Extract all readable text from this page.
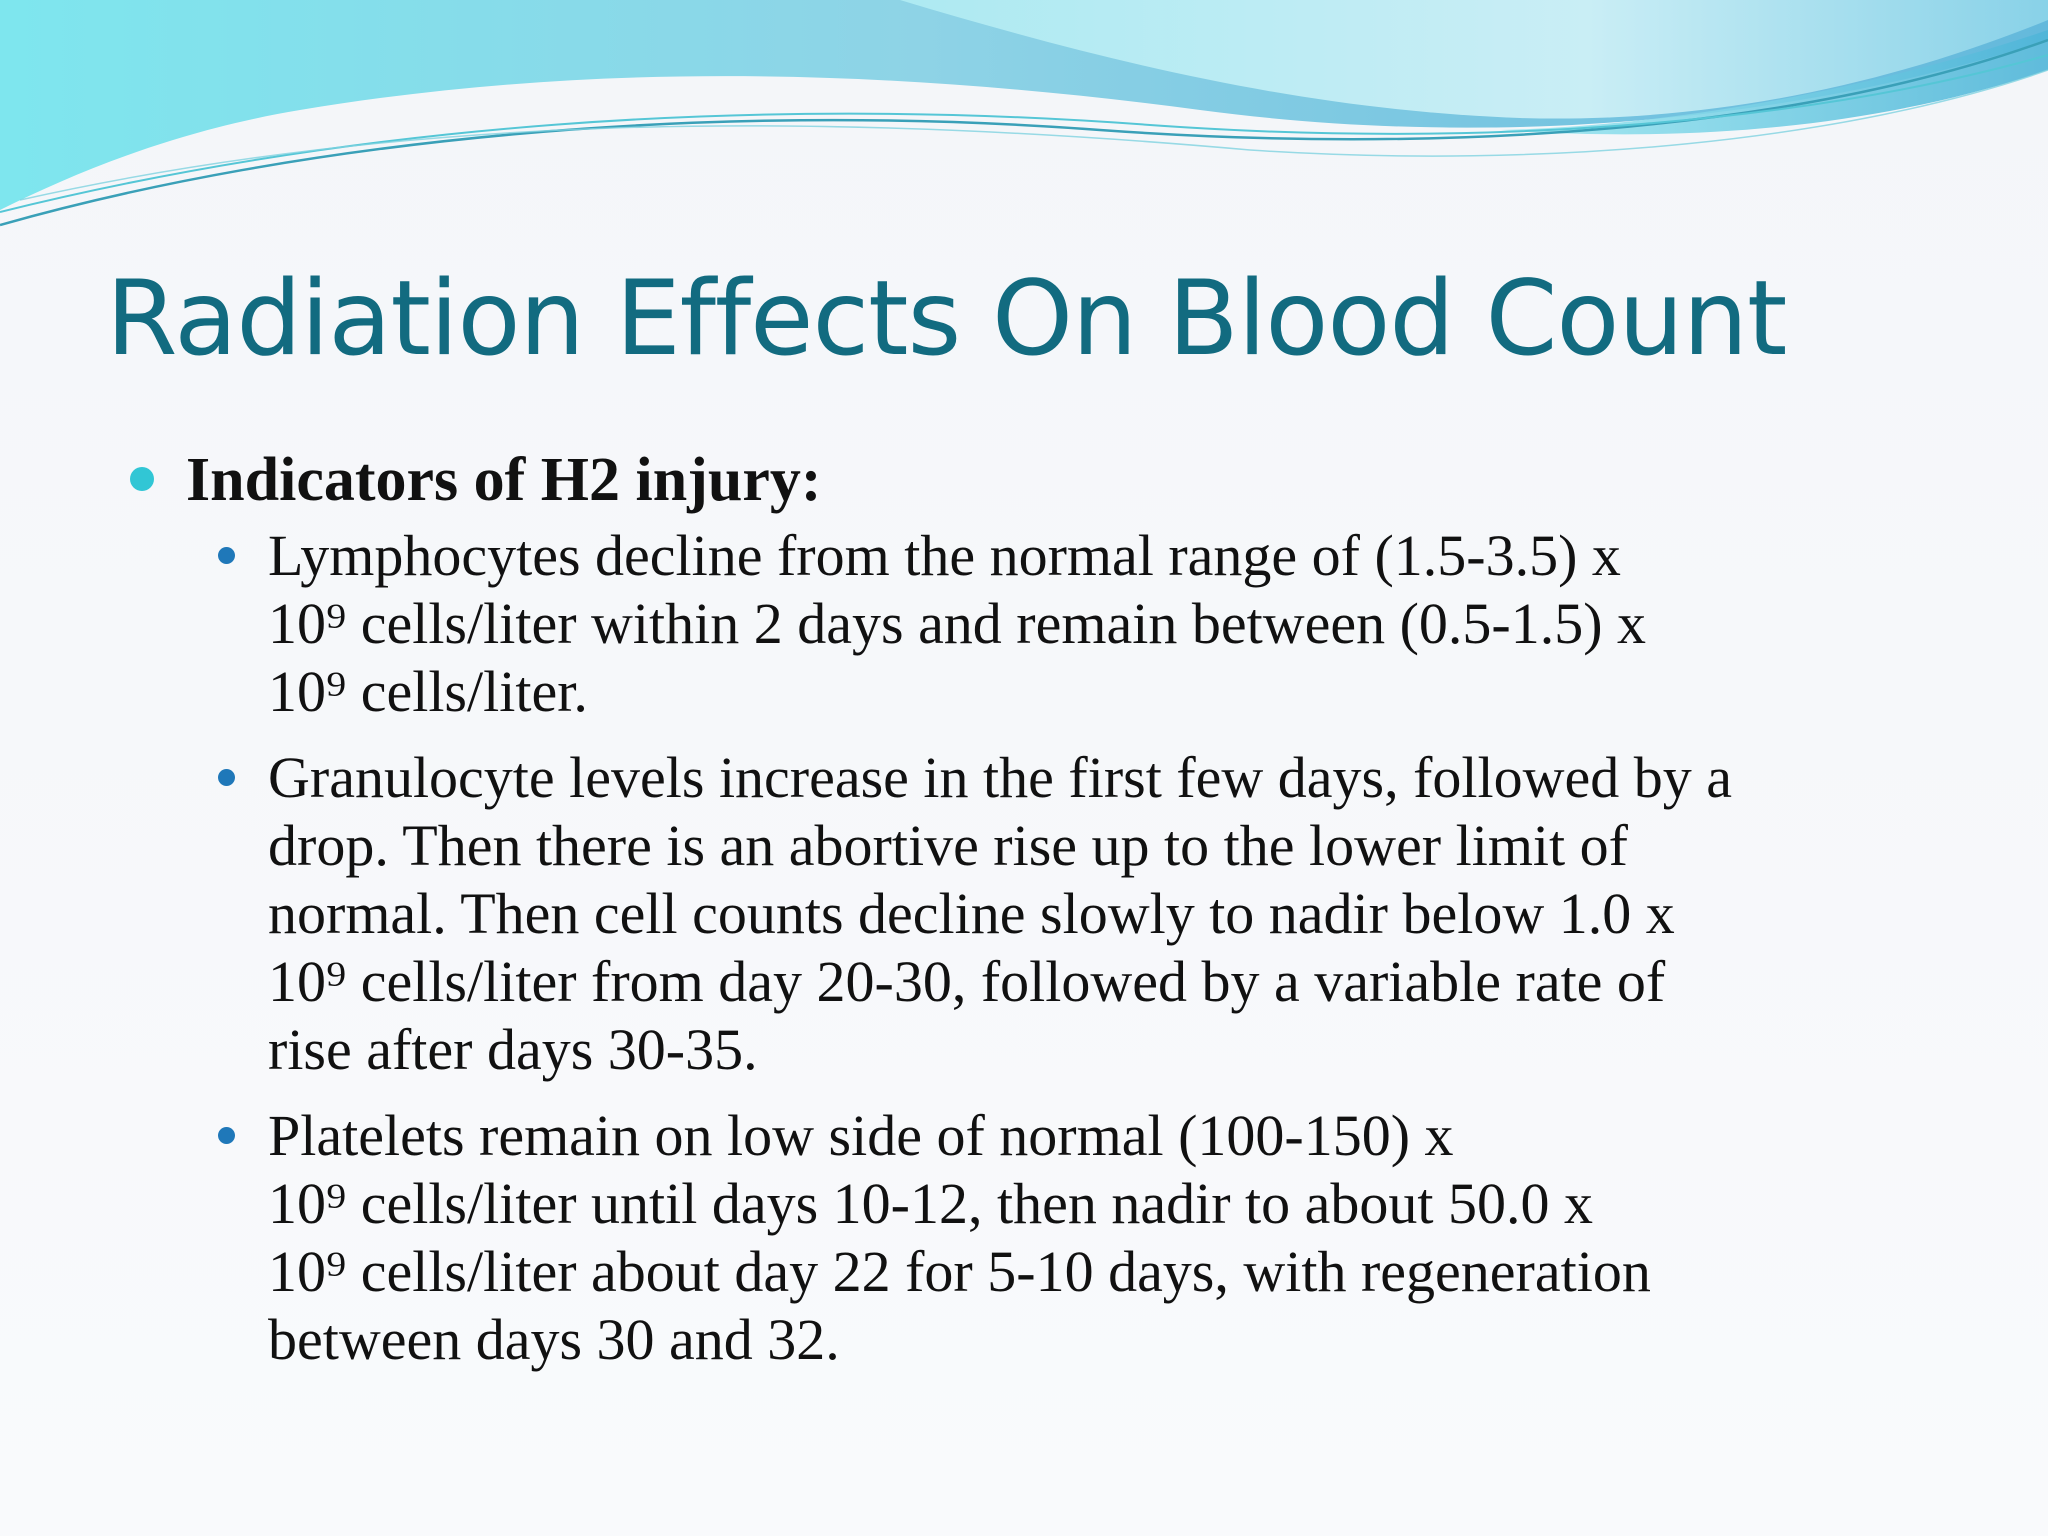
Radiation Effects On Blood Count

Indicators of H2 injury:

Lymphocytes decline from the normal range of (1.5-3.5) x
10⁹ cells/liter within 2 days and remain between (0.5-1.5) x
10⁹ cells/liter.
Granulocyte levels increase in the first few days, followed by a
drop. Then there is an abortive rise up to the lower limit of
normal. Then cell counts decline slowly to nadir below 1.0 x
10⁹ cells/liter from day 20-30, followed by a variable rate of
rise after days 30-35.
Platelets remain on low side of normal (100-150) x
10⁹ cells/liter until days 10-12, then nadir to about 50.0 x
10⁹ cells/liter about day 22 for 5-10 days, with regeneration
between days 30 and 32.
